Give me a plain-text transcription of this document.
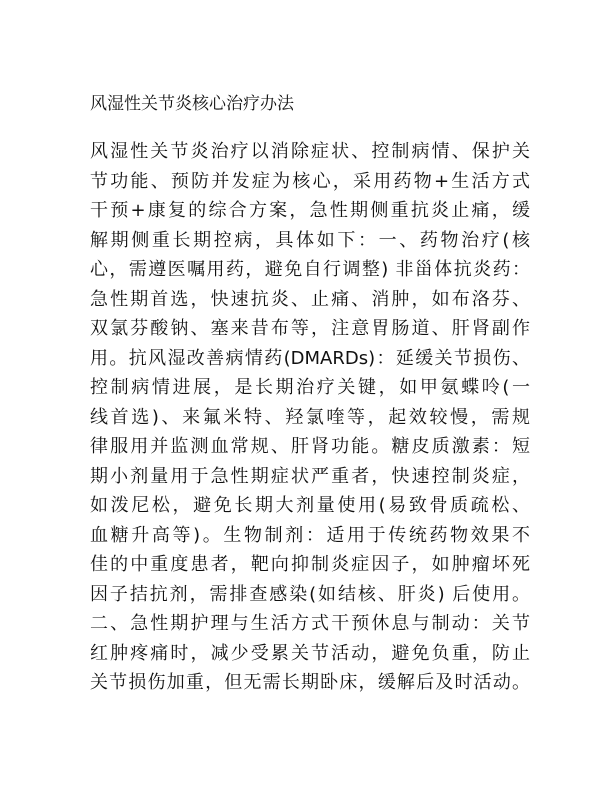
风湿性关节炎核心治疗办法
风湿性关节炎治疗以消除症状、控制病情、保护关
节功能、预防并发症为核心，采用药物+生活方式
干预+康复的综合方案，急性期侧重抗炎止痛，缓
解期侧重长期控病，具体如下：一、药物治疗(核
心，需遵医嘱用药，避免自行调整) 非甾体抗炎药：
急性期首选，快速抗炎、止痛、消肿，如布洛芬、
双氯芬酸钠、塞来昔布等，注意胃肠道、肝肾副作
用。抗风湿改善病情药(DMARDs)：延缓关节损伤、
控制病情进展，是长期治疗关键，如甲氨蝶呤(一
线首选)、来氟米特、羟氯喹等，起效较慢，需规
律服用并监测血常规、肝肾功能。糖皮质激素：短
期小剂量用于急性期症状严重者，快速控制炎症，
如泼尼松，避免长期大剂量使用(易致骨质疏松、
血糖升高等)。生物制剂：适用于传统药物效果不
佳的中重度患者，靶向抑制炎症因子，如肿瘤坏死
因子拮抗剂，需排查感染(如结核、肝炎) 后使用。
二、急性期护理与生活方式干预休息与制动：关节
红肿疼痛时，减少受累关节活动，避免负重，防止
关节损伤加重，但无需长期卧床，缓解后及时活动。
